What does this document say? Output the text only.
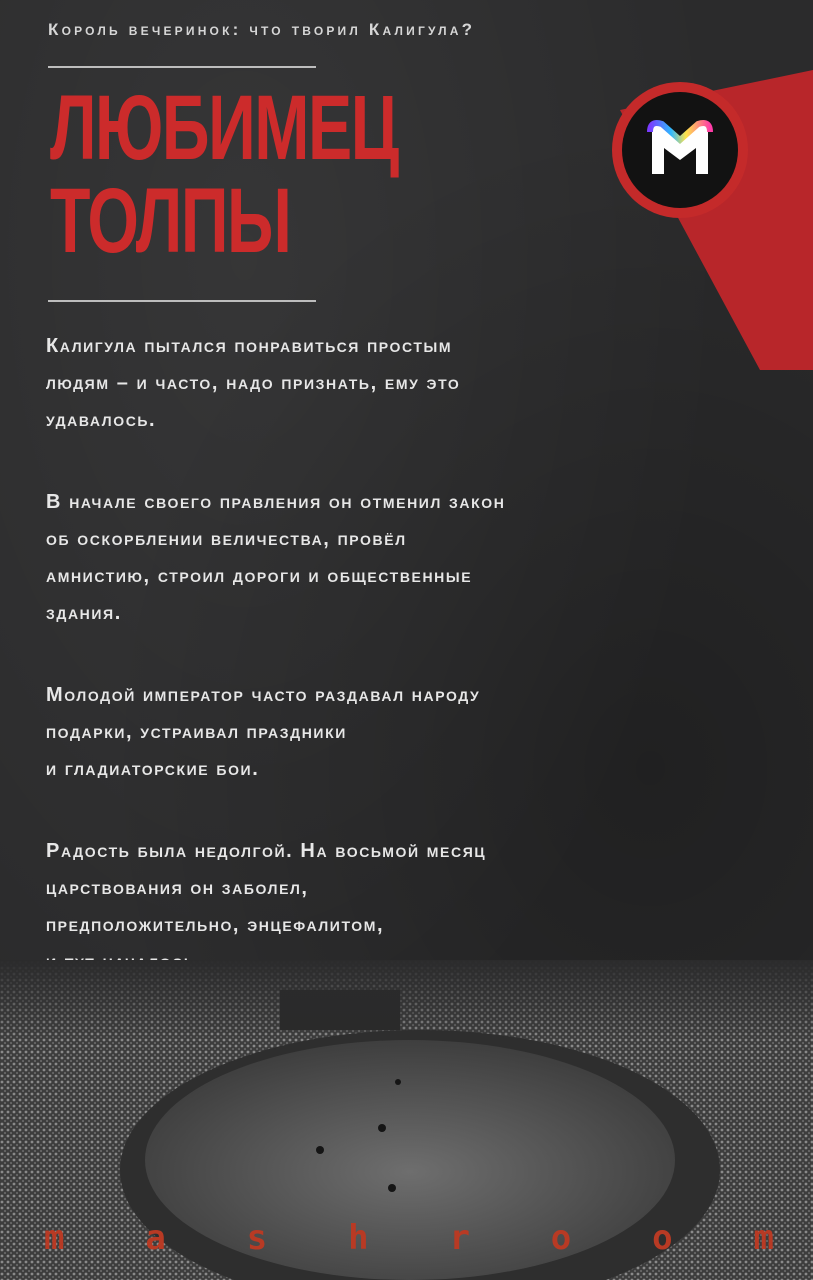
Король вечеринок: что творил Калигула?
ЛЮБИМЕЦ
ТОЛПЫ

Калигула пытался понравиться простым
людям – и часто, надо признать, ему это
удавалось.

В начале своего правления он отменил закон
об оскорблении величества, провёл
амнистию, строил дороги и общественные
здания.

Молодой император часто раздавал народу
подарки, устраивал праздники
и гладиаторские бои.

Радость была недолгой. На восьмой месяц
царствования он заболел,
предположительно, энцефалитом,

m a s h r o o m
